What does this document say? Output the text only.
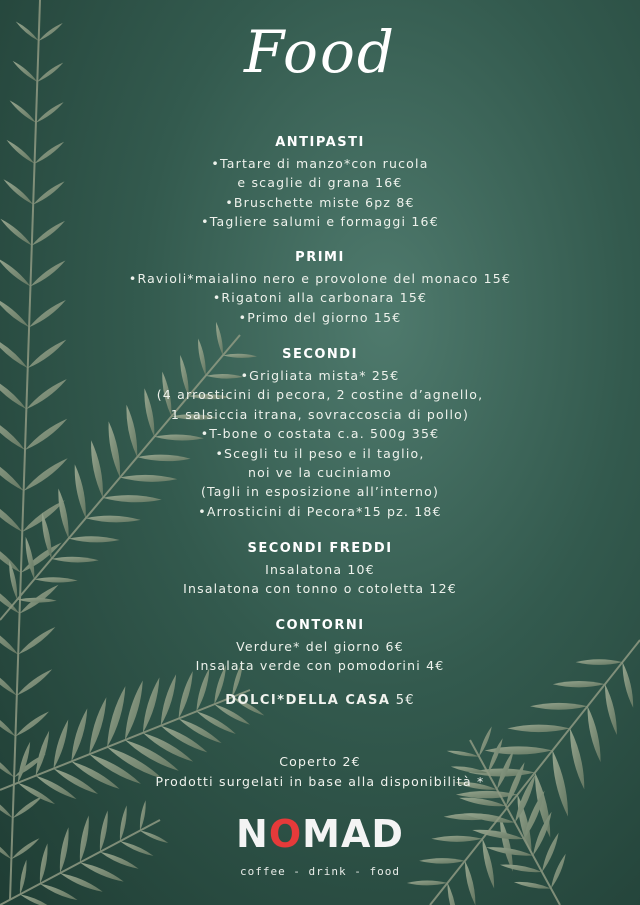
Food
ANTIPASTI
•Tartare di manzo*con rucola
e scaglie di grana 16€
•Bruschette miste 6pz 8€
•Tagliere salumi e formaggi 16€
PRIMI
•Ravioli*maialino nero e provolone del monaco 15€
•Rigatoni alla carbonara 15€
•Primo del giorno 15€
SECONDI
•Grigliata mista* 25€
(4 arrosticini di pecora, 2 costine d’agnello,
1 salsiccia itrana, sovraccoscia di pollo)
•T-bone o costata c.a. 500g 35€
•Scegli tu il peso e il taglio,
noi ve la cuciniamo
(Tagli in esposizione all’interno)
•Arrosticini di Pecora*15 pz. 18€
SECONDI FREDDI
Insalatona 10€
Insalatona con tonno o cotoletta 12€
CONTORNI
Verdure* del giorno 6€
Insalata verde con pomodorini 4€
DOLCI*DELLA CASA 5€
Coperto 2€
Prodotti surgelati in base alla disponibilità *
NOMAD
coffee - drink - food
